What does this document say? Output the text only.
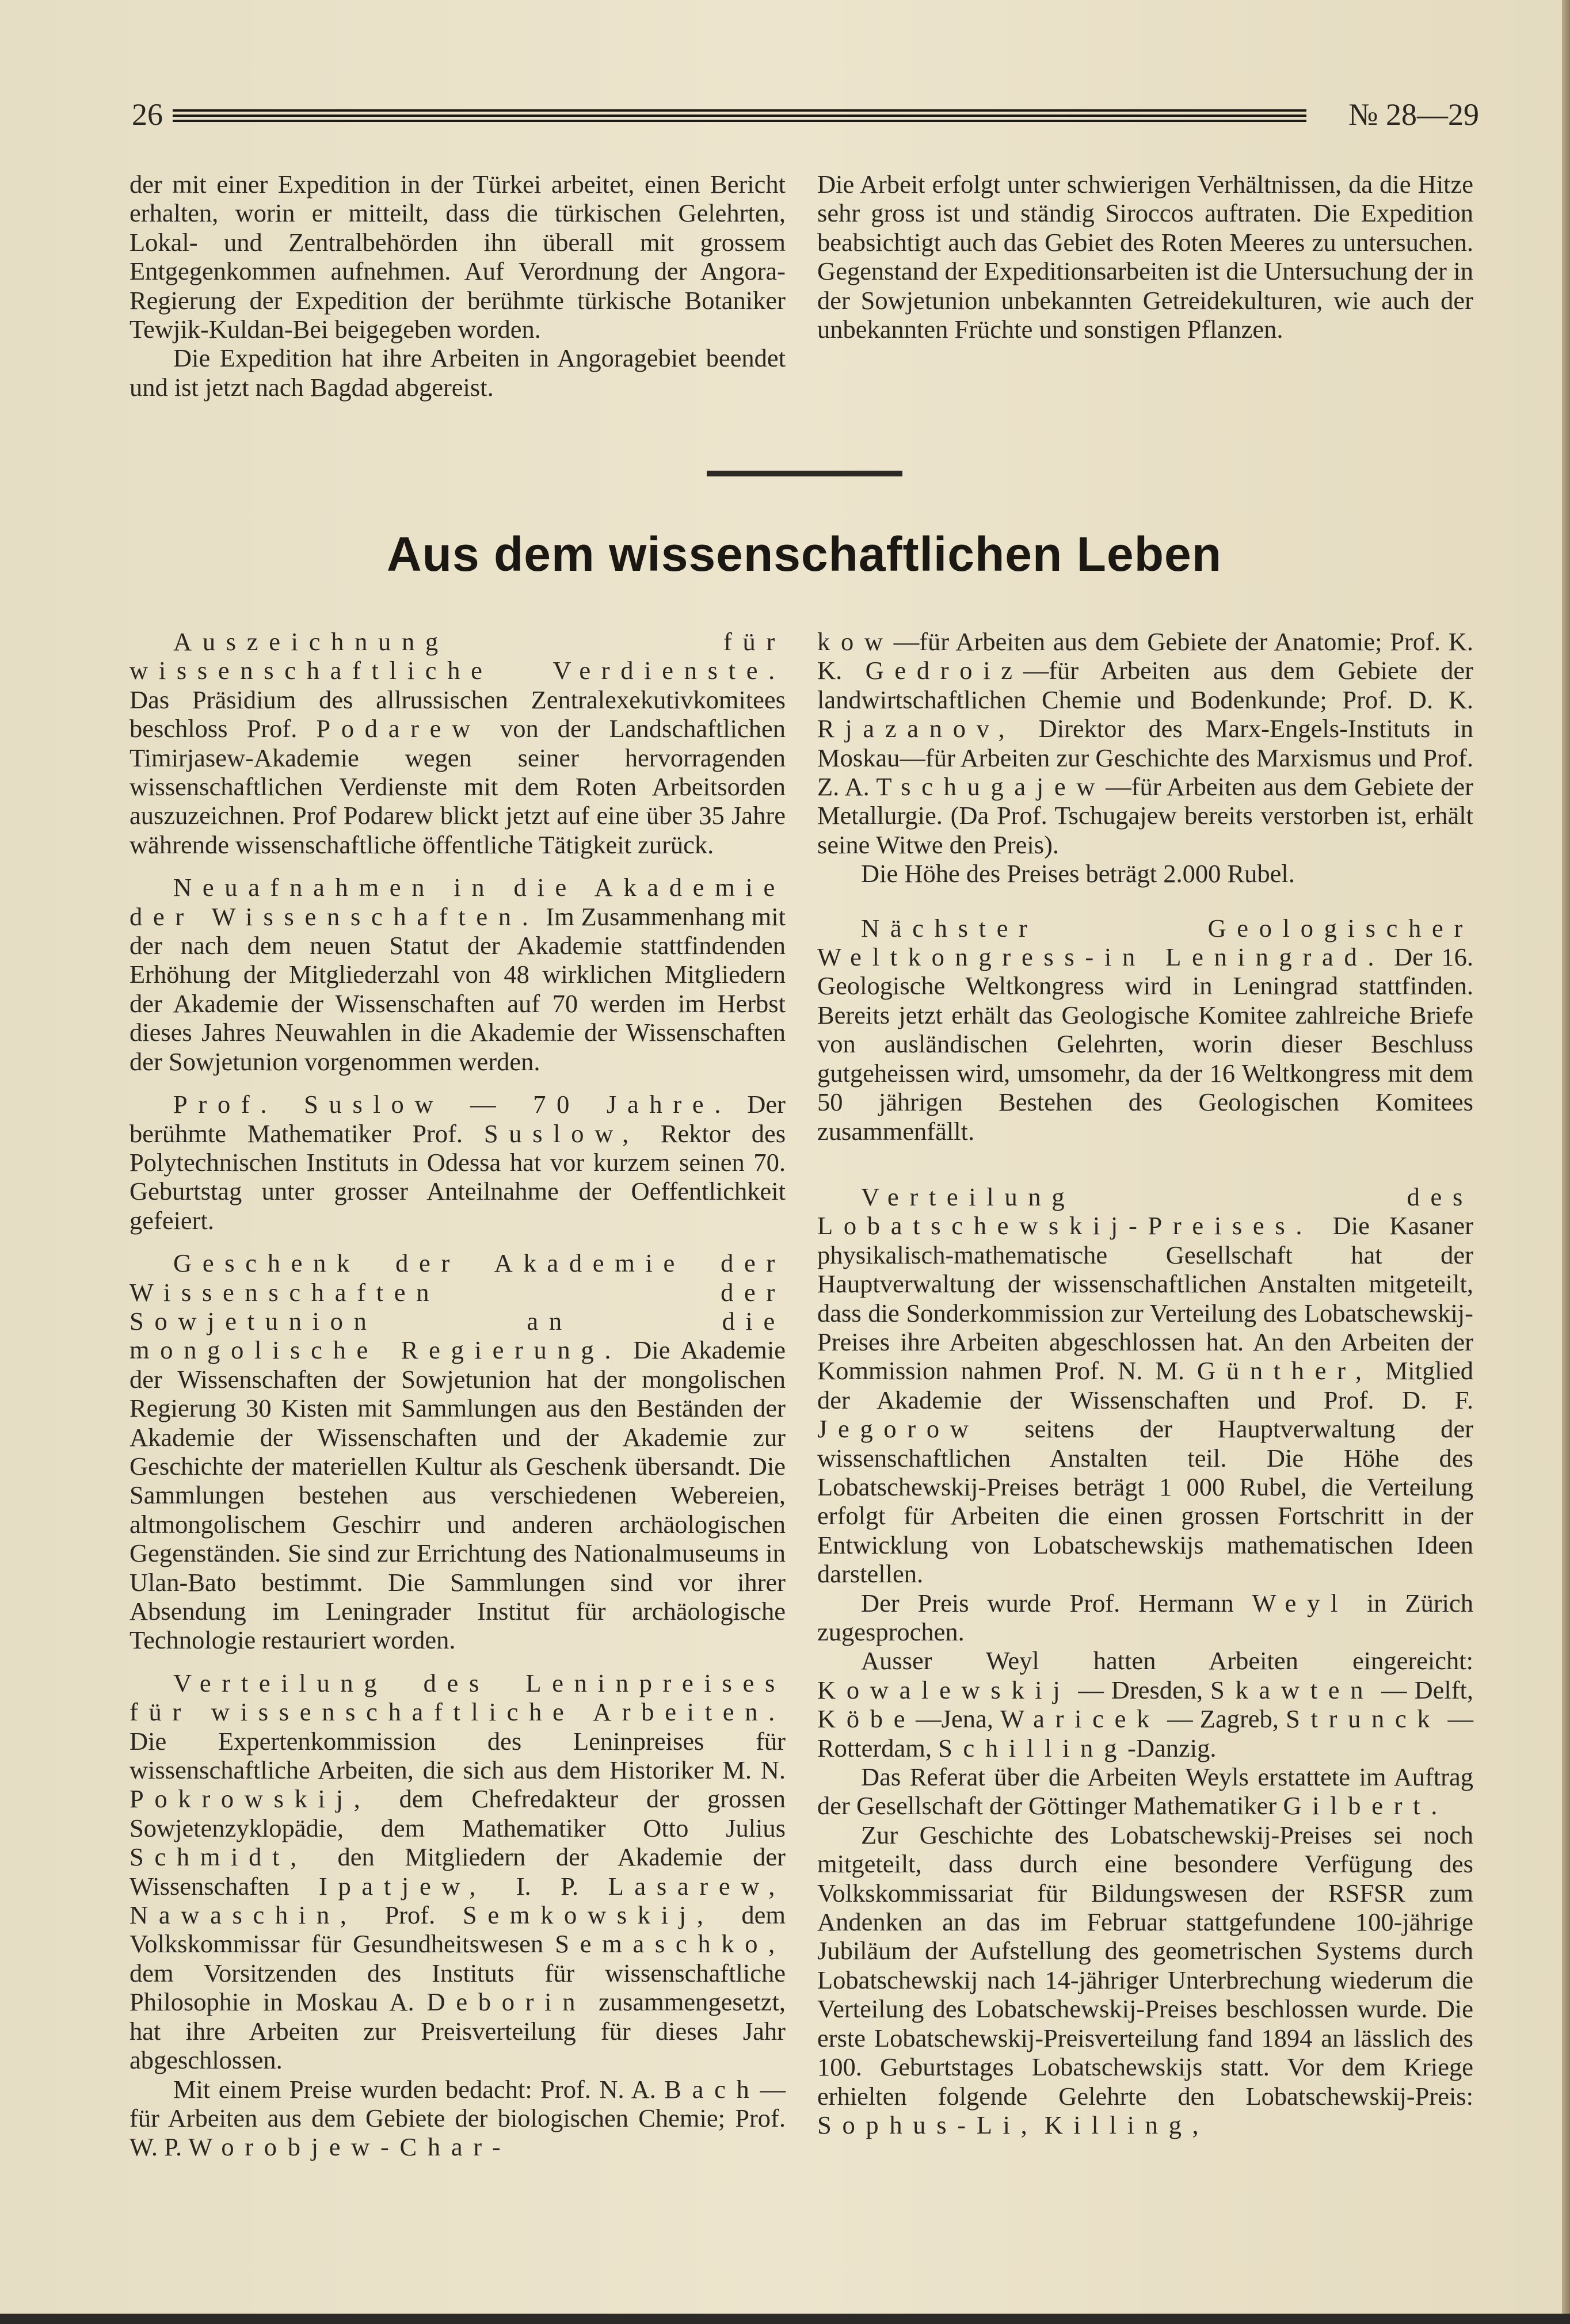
26	№ 28—29

der mit einer Expedition in der Türkei arbeitet, einen Bericht erhalten, worin er mitteilt, dass die türkischen Gelehrten, Lokal- und Zentralbehörden ihn überall mit grossem Entgegenkommen aufnehmen. Auf Verordnung der Angora-Regierung der Expedition der berühmte türkische Botaniker Tewjik-Kuldan-Bei beigegeben worden.

Die Expedition hat ihre Arbeiten in Angoragebiet beendet und ist jetzt nach Bagdad abgereist.

Die Arbeit erfolgt unter schwierigen Verhältnissen, da die Hitze sehr gross ist und ständig Siroccos auftraten. Die Expedition beabsichtigt auch das Gebiet des Roten Meeres zu untersuchen. Gegenstand der Expeditionsarbeiten ist die Untersuchung der in der Sowjetunion unbekannten Getreidekulturen, wie auch der unbekannten Früchte und sonstigen Pflanzen.

Aus dem wissenschaftlichen Leben

Auszeichnung für wissenschaftliche Verdienste. Das Präsidium des allrussischen Zentralexekutivkomitees beschloss Prof. Podarew von der Landschaftlichen Timirjasew-Akademie wegen seiner hervorragenden wissenschaftlichen Verdienste mit dem Roten Arbeitsorden auszuzeichnen. Prof Podarew blickt jetzt auf eine über 35 Jahre währende wissenschaftliche öffentliche Tätigkeit zurück.

Neuafnahmen in die Akademie der Wissenschaften. Im Zusammenhang mit der nach dem neuen Statut der Akademie stattfindenden Erhöhung der Mitgliederzahl von 48 wirklichen Mitgliedern der Akademie der Wissenschaften auf 70 werden im Herbst dieses Jahres Neuwahlen in die Akademie der Wissenschaften der Sowjetunion vorgenommen werden.

Prof. Suslow — 70 Jahre. Der berühmte Mathematiker Prof. Suslow, Rektor des Polytechnischen Instituts in Odessa hat vor kurzem seinen 70. Geburtstag unter grosser Anteilnahme der Oeffentlichkeit gefeiert.

Geschenk der Akademie der Wissenschaften der Sowjetunion an die mongolische Regierung. Die Akademie der Wissenschaften der Sowjetunion hat der mongolischen Regierung 30 Kisten mit Sammlungen aus den Beständen der Akademie der Wissenschaften und der Akademie zur Geschichte der materiellen Kultur als Geschenk übersandt. Die Sammlungen bestehen aus verschiedenen Webereien, altmongolischem Geschirr und anderen archäologischen Gegenständen. Sie sind zur Errichtung des Nationalmuseums in Ulan-Bato bestimmt. Die Sammlungen sind vor ihrer Absendung im Leningrader Institut für archäologische Technologie restauriert worden.

Verteilung des Leninpreises für wissenschaftliche Arbeiten. Die Expertenkommission des Leninpreises für wissenschaftliche Arbeiten, die sich aus dem Historiker M. N. Pokrowskij, dem Chefredakteur der grossen Sowjetenzyklopädie, dem Mathematiker Otto Julius Schmidt, den Mitgliedern der Akademie der Wissenschaften Ipatjew, I. P. Lasarew, Nawaschin, Prof. Semkowskij, dem Volkskommissar für Gesundheitswesen Semaschko, dem Vorsitzenden des Instituts für wissenschaftliche Philosophie in Moskau A. Deborin zusammengesetzt, hat ihre Arbeiten zur Preisverteilung für dieses Jahr abgeschlossen.

Mit einem Preise wurden bedacht: Prof. N. A. Bach—für Arbeiten aus dem Gebiete der biologischen Chemie; Prof. W. P. Worobjew-Char-

kow—für Arbeiten aus dem Gebiete der Anatomie; Prof. K. K. Gedroiz—für Arbeiten aus dem Gebiete der landwirtschaftlichen Chemie und Bodenkunde; Prof. D. K. Rjazanov, Direktor des Marx-Engels-Instituts in Moskau—für Arbeiten zur Geschichte des Marxismus und Prof. Z. A. Tschugajew—für Arbeiten aus dem Gebiete der Metallurgie. (Da Prof. Tschugajew bereits verstorben ist, erhält seine Witwe den Preis).

Die Höhe des Preises beträgt 2.000 Rubel.

Nächster Geologischer Weltkongress-in Leningrad. Der 16. Geologische Weltkongress wird in Leningrad stattfinden. Bereits jetzt erhält das Geologische Komitee zahlreiche Briefe von ausländischen Gelehrten, worin dieser Beschluss gutgeheissen wird, umsomehr, da der 16 Weltkongress mit dem 50 jährigen Bestehen des Geologischen Komitees zusammenfällt.

Verteilung des Lobatschewskij-Preises. Die Kasaner physikalisch-mathematische Gesellschaft hat der Hauptverwaltung der wissenschaftlichen Anstalten mitgeteilt, dass die Sonderkommission zur Verteilung des Lobatschewskij-Preises ihre Arbeiten abgeschlossen hat. An den Arbeiten der Kommission nahmen Prof. N. M. Günther, Mitglied der Akademie der Wissenschaften und Prof. D. F. Jegorow seitens der Hauptverwaltung der wissenschaftlichen Anstalten teil. Die Höhe des Lobatschewskij-Preises beträgt 1 000 Rubel, die Verteilung erfolgt für Arbeiten die einen grossen Fortschritt in der Entwicklung von Lobatschewskijs mathematischen Ideen darstellen.

Der Preis wurde Prof. Hermann Weyl in Zürich zugesprochen.

Ausser Weyl hatten Arbeiten eingereicht: Kowalewskij — Dresden, Skawten — Delft, Köbe—Jena, Waricek — Zagreb, Strunck — Rotterdam, Schilling-Danzig.

Das Referat über die Arbeiten Weyls erstattete im Auftrag der Gesellschaft der Göttinger Mathematiker Gilbert.

Zur Geschichte des Lobatschewskij-Preises sei noch mitgeteilt, dass durch eine besondere Verfügung des Volkskommissariat für Bildungswesen der RSFSR zum Andenken an das im Februar stattgefundene 100-jährige Jubiläum der Aufstellung des geometrischen Systems durch Lobatschewskij nach 14-jähriger Unterbrechung wiederum die Verteilung des Lobatschewskij-Preises beschlossen wurde. Die erste Lobatschewskij-Preisverteilung fand 1894 an lässlich des 100. Geburtstages Lobatschewskijs statt. Vor dem Kriege erhielten folgende Gelehrte den Lobatschewskij-Preis: Sophus-Li, Killing,
